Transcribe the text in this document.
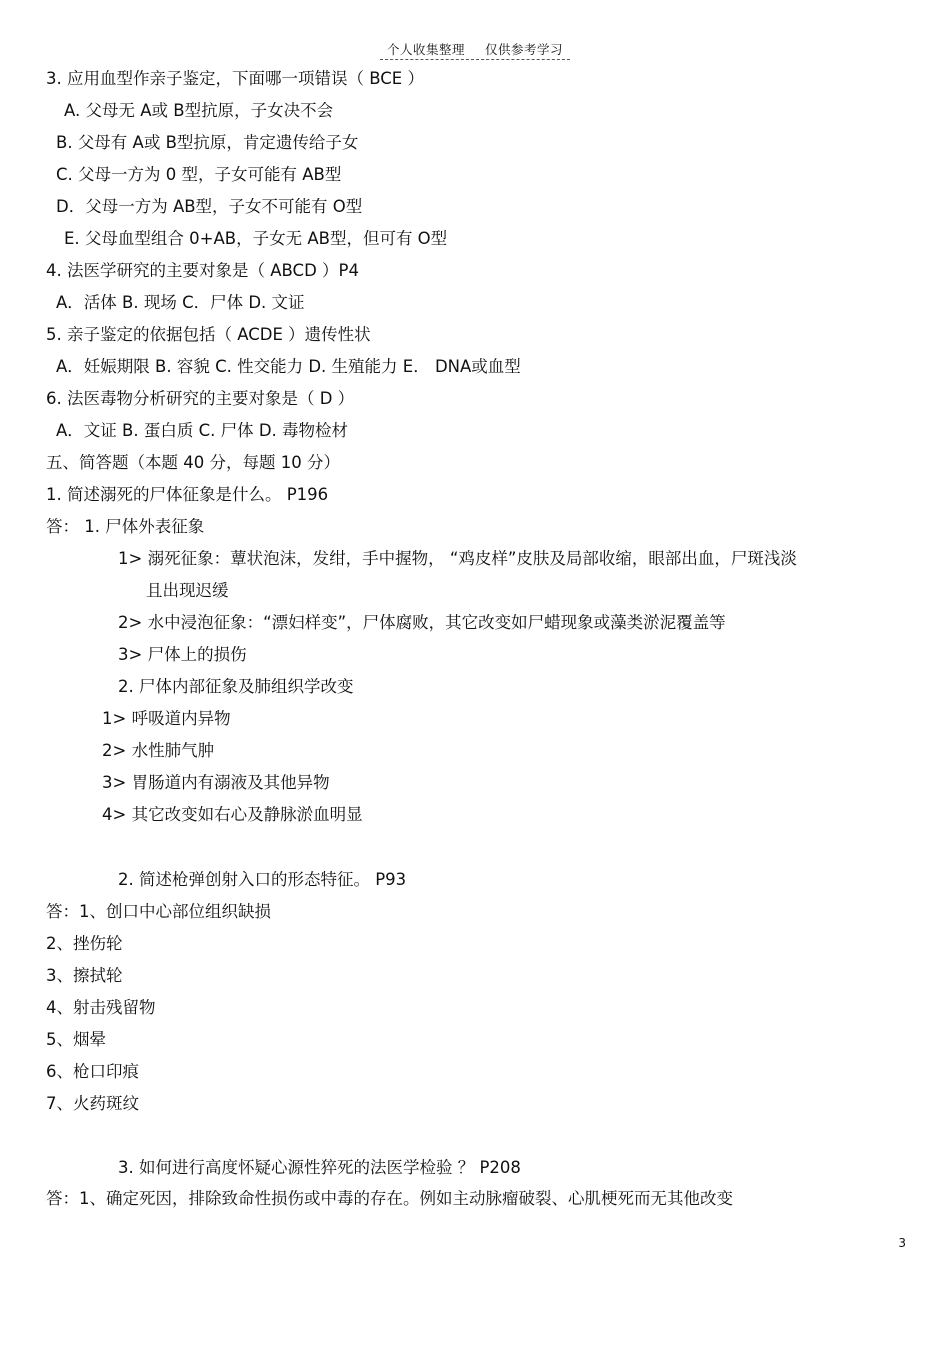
个人收集整理 仅供参考学习
3. 应用血型作亲子鉴定，下面哪一项错误（ BCE ）
A. 父母无 A或 B型抗原，子女决不会
B. 父母有 A或 B型抗原，肯定遗传给子女
C. 父母一方为 0 型，子女可能有 AB型
D．父母一方为 AB型，子女不可能有 O型
E. 父母血型组合 0+AB，子女无 AB型，但可有 O型
4. 法医学研究的主要对象是（ ABCD ）P4
A．活体 B. 现场 C．尸体 D. 文证
5. 亲子鉴定的依据包括（ ACDE ）遗传性状
A．妊娠期限 B. 容貌 C. 性交能力 D. 生殖能力 E． DNA或血型
6. 法医毒物分析研究的主要对象是（ D ）
A．文证 B. 蛋白质 C. 尸体 D. 毒物检材
五、简答题（本题 40 分，每题 10 分）
1. 简述溺死的尸体征象是什么。 P196
答： 1. 尸体外表征象
1> 溺死征象：蕈状泡沫，发绀，手中握物， “鸡皮样”皮肤及局部收缩，眼部出血，尸斑浅淡
且出现迟缓
2> 水中浸泡征象：“漂妇样变”，尸体腐败，其它改变如尸蜡现象或藻类淤泥覆盖等
3> 尸体上的损伤
2. 尸体内部征象及肺组织学改变
1> 呼吸道内异物
2> 水性肺气肿
3> 胃肠道内有溺液及其他异物
4> 其它改变如右心及静脉淤血明显
2. 简述枪弹创射入口的形态特征。 P93
答：1、创口中心部位组织缺损
2、挫伤轮
3、擦拭轮
4、射击残留物
5、烟晕
6、枪口印痕
7、火药斑纹
3. 如何进行高度怀疑心源性猝死的法医学检验 ？ P208
答：1、确定死因，排除致命性损伤或中毒的存在。例如主动脉瘤破裂、心肌梗死而无其他改变
3
